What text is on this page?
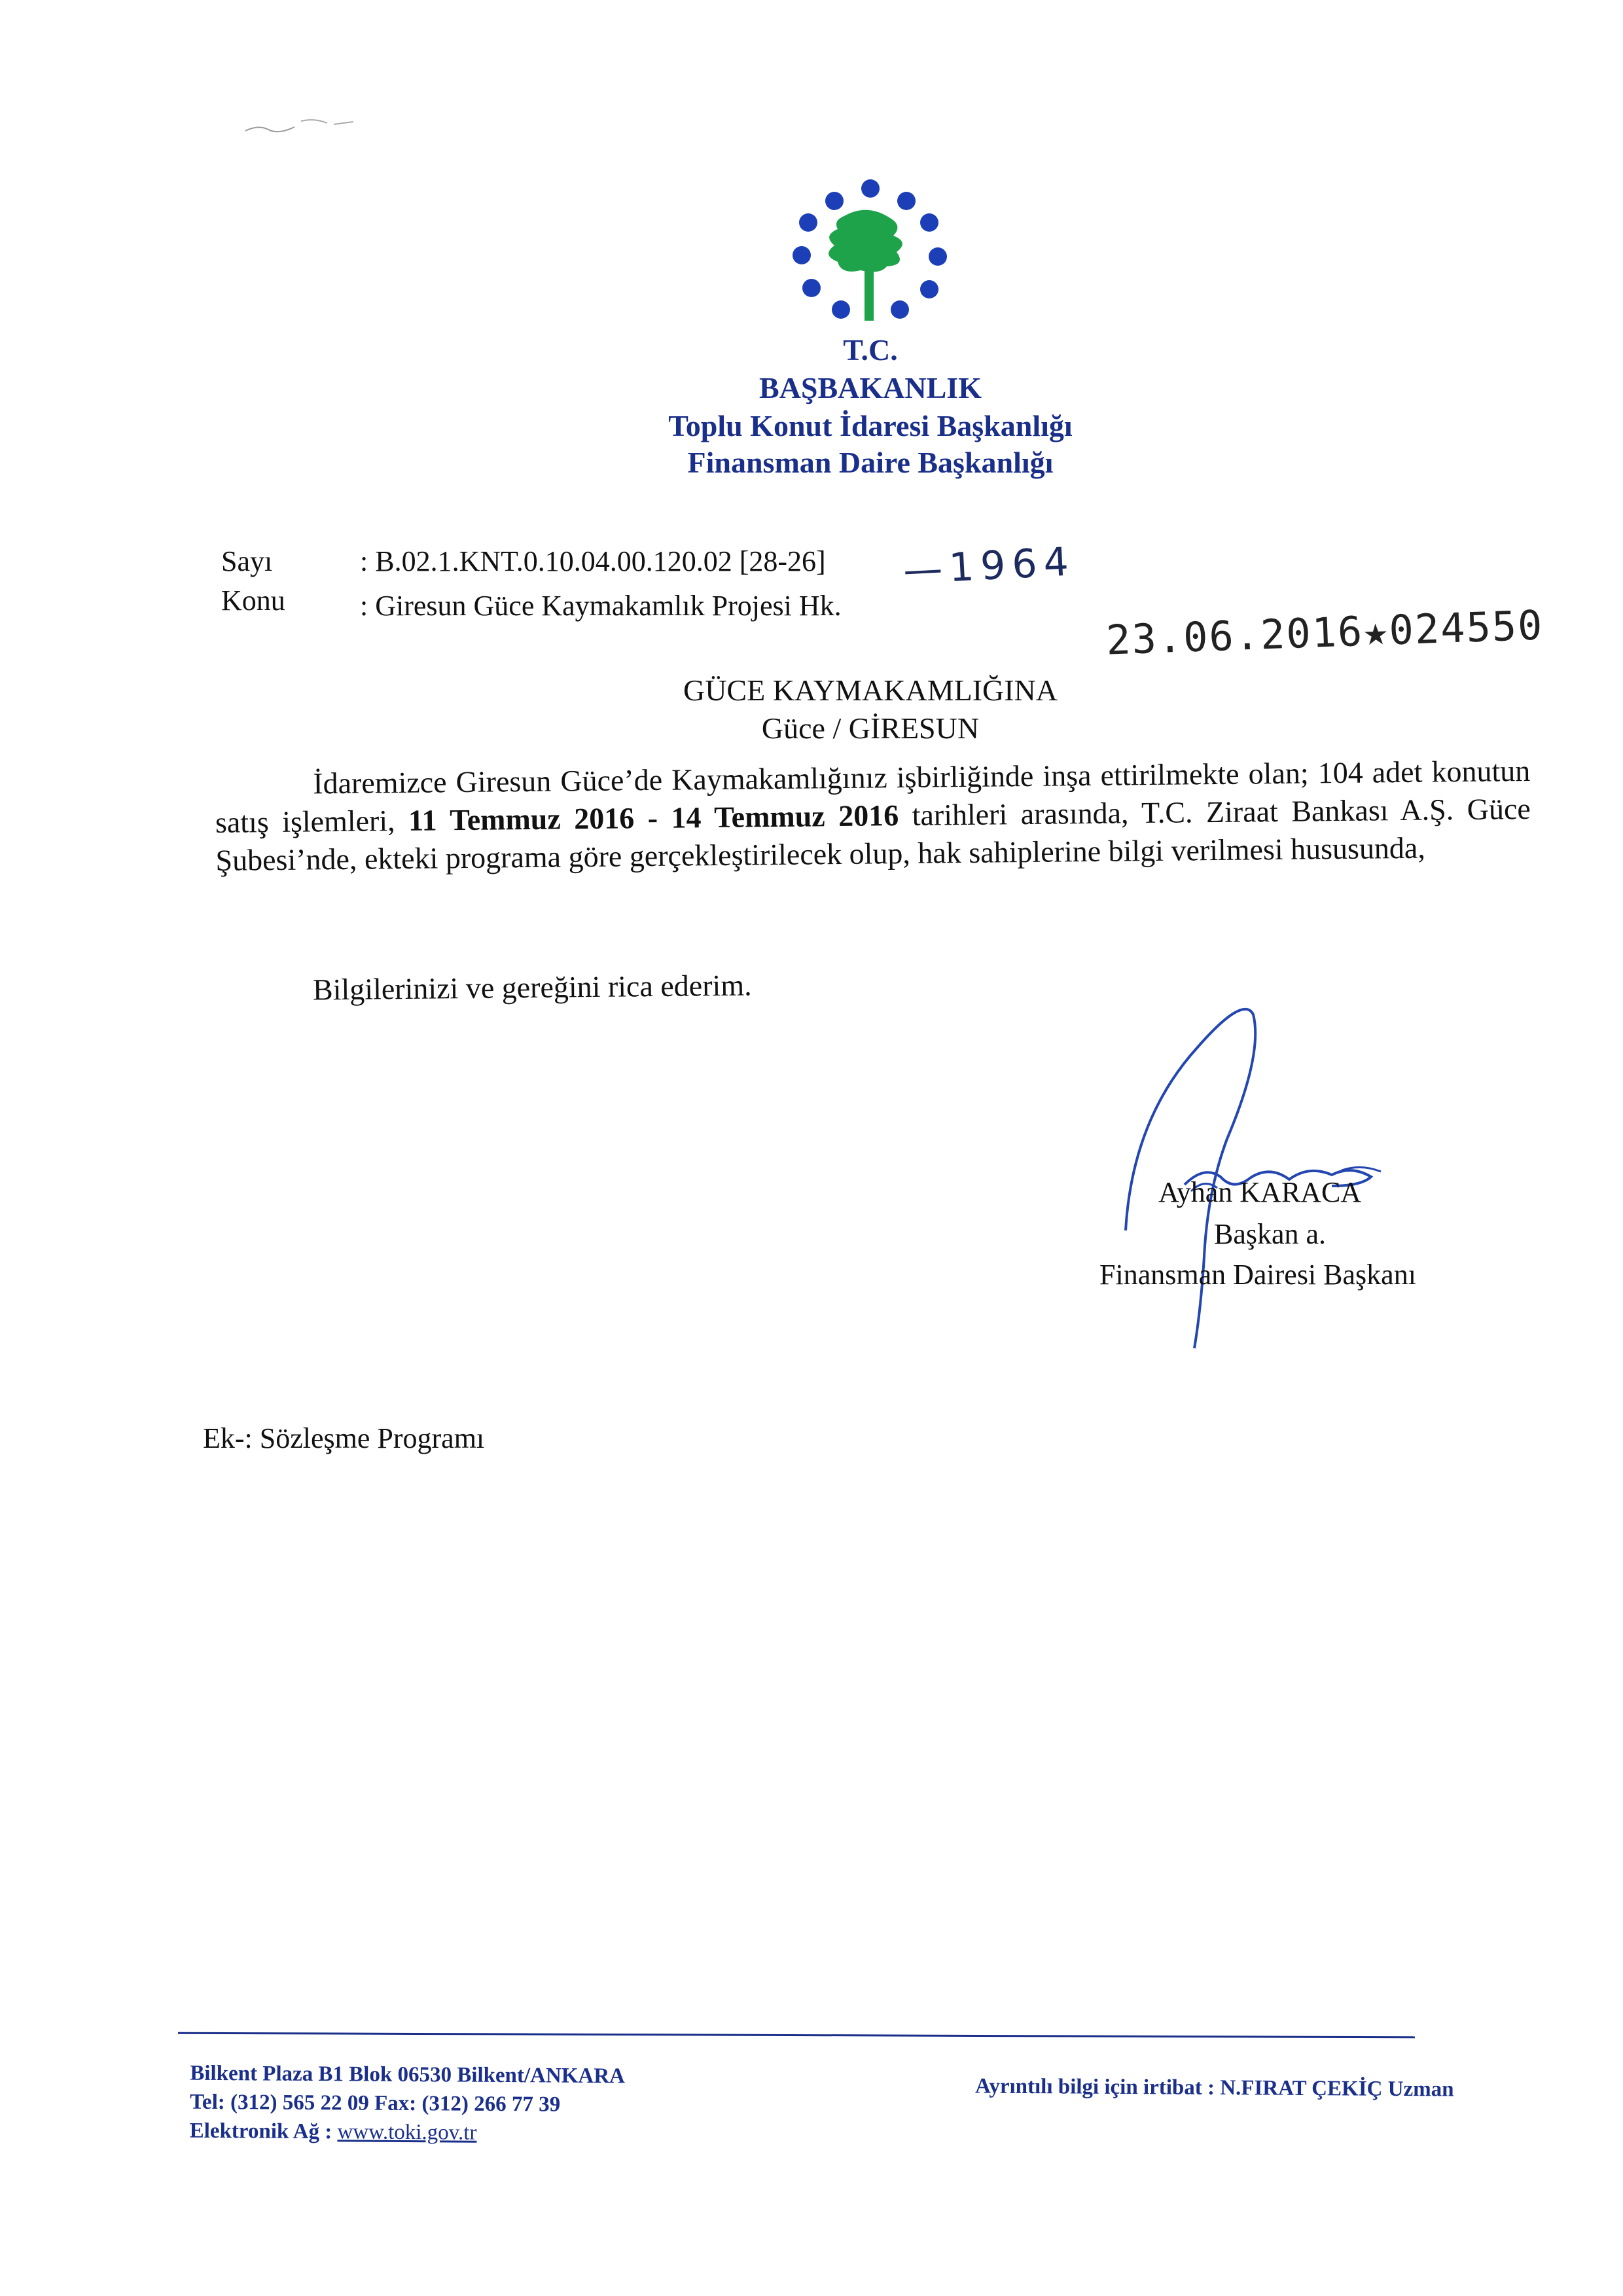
T.C.
BAŞBAKANLIK
Toplu Konut İdaresi Başkanlığı
Finansman Daire Başkanlığı
Sayı	: B.02.1.KNT.0.10.04.00.120.02 [28-26]
Konu	: Giresun Güce Kaymakamlık Projesi Hk.
—1964
23.06.2016★024550
GÜCE KAYMAKAMLIĞINA
Güce / GİRESUN
İdaremizce Giresun Güce’de Kaymakamlığınız işbirliğinde inşa ettirilmekte olan; 104 adet konutun satış işlemleri, 11 Temmuz 2016 - 14 Temmuz 2016 tarihleri arasında, T.C. Ziraat Bankası A.Ş. Güce Şubesi’nde, ekteki programa göre gerçekleştirilecek olup, hak sahiplerine bilgi verilmesi hususunda,
Bilgilerinizi ve gereğini rica ederim.
Ayhan KARACA
Başkan a.
Finansman Dairesi Başkanı
Ek-: Sözleşme Programı
Bilkent Plaza B1 Blok 06530 Bilkent/ANKARA
Tel: (312) 565 22 09 Fax: (312) 266 77 39
Elektronik Ağ : www.toki.gov.tr
Ayrıntılı bilgi için irtibat : N.FIRAT ÇEKİÇ Uzman
